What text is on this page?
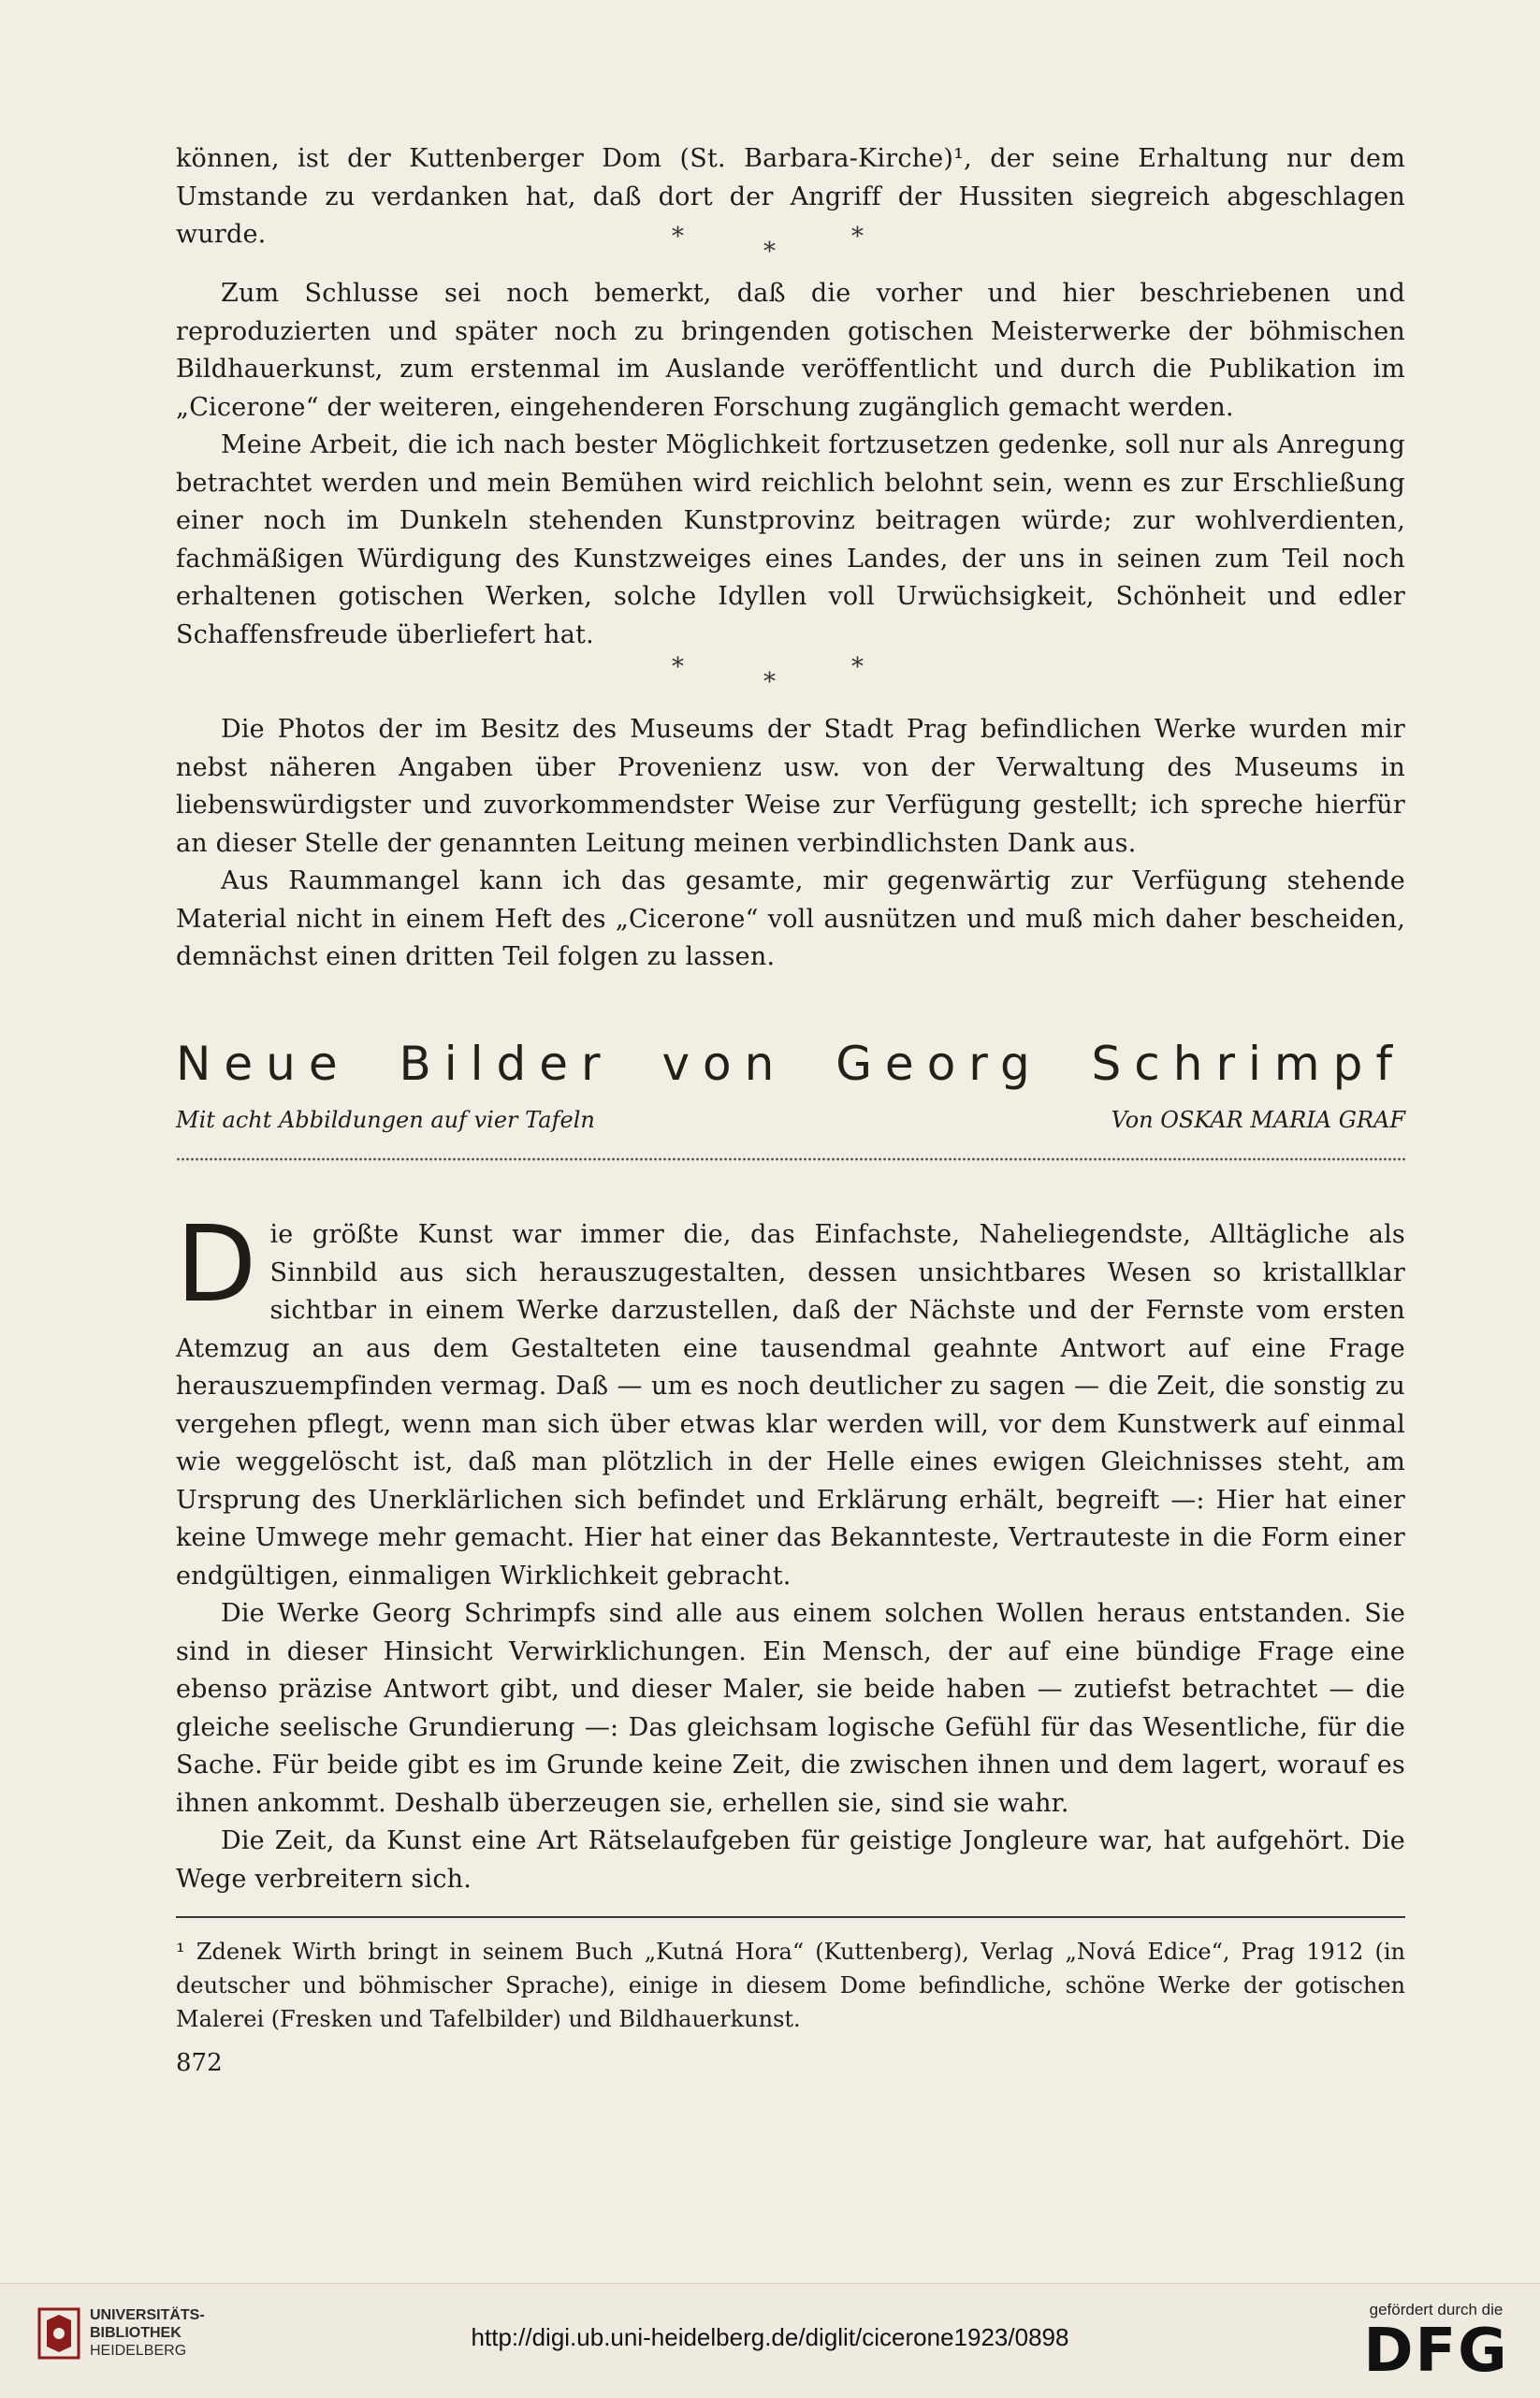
können, ist der Kuttenberger Dom (St. Barbara-Kirche)¹, der seine Erhaltung nur dem Umstande zu verdanken hat, daß dort der Angriff der Hussiten siegreich abgeschlagen wurde.	*
*
*

Zum Schlusse sei noch bemerkt, daß die vorher und hier beschriebenen und reproduzierten und später noch zu bringenden gotischen Meisterwerke der böhmischen Bildhauerkunst, zum erstenmal im Auslande veröffentlicht und durch die Publikation im „Cicerone“ der weiteren, eingehenderen Forschung zugänglich gemacht werden.

Meine Arbeit, die ich nach bester Möglichkeit fortzusetzen gedenke, soll nur als Anregung betrachtet werden und mein Bemühen wird reichlich belohnt sein, wenn es zur Erschließung einer noch im Dunkeln stehenden Kunstprovinz beitragen würde; zur wohlverdienten, fachmäßigen Würdigung des Kunstzweiges eines Landes, der uns in seinen zum Teil noch erhaltenen gotischen Werken, solche Idyllen voll Urwüchsigkeit, Schönheit und edler Schaffensfreude überliefert hat.

*
*
*

Die Photos der im Besitz des Museums der Stadt Prag befindlichen Werke wurden mir nebst näheren Angaben über Provenienz usw. von der Verwaltung des Museums in liebenswürdigster und zuvorkommendster Weise zur Verfügung gestellt; ich spreche hierfür an dieser Stelle der genannten Leitung meinen verbindlichsten Dank aus.

Aus Raummangel kann ich das gesamte, mir gegenwärtig zur Verfügung stehende Material nicht in einem Heft des „Cicerone“ voll ausnützen und muß mich daher bescheiden, demnächst einen dritten Teil folgen zu lassen.

Neue Bilder von Georg Schrimpf
Mit acht Abbildungen auf vier Tafeln	Von OSKAR MARIA GRAF

Die größte Kunst war immer die, das Einfachste, Naheliegendste, Alltägliche als Sinnbild aus sich herauszugestalten, dessen unsichtbares Wesen so kristallklar sichtbar in einem Werke darzustellen, daß der Nächste und der Fernste vom ersten Atemzug an aus dem Gestalteten eine tausendmal geahnte Antwort auf eine Frage herauszuempfinden vermag. Daß — um es noch deutlicher zu sagen — die Zeit, die sonstig zu vergehen pflegt, wenn man sich über etwas klar werden will, vor dem Kunstwerk auf einmal wie weggelöscht ist, daß man plötzlich in der Helle eines ewigen Gleichnisses steht, am Ursprung des Unerklärlichen sich befindet und Erklärung erhält, begreift —: Hier hat einer keine Umwege mehr gemacht. Hier hat einer das Bekannteste, Vertrauteste in die Form einer endgültigen, einmaligen Wirklichkeit gebracht.

Die Werke Georg Schrimpfs sind alle aus einem solchen Wollen heraus entstanden. Sie sind in dieser Hinsicht Verwirklichungen. Ein Mensch, der auf eine bündige Frage eine ebenso präzise Antwort gibt, und dieser Maler, sie beide haben — zutiefst betrachtet — die gleiche seelische Grundierung —: Das gleichsam logische Gefühl für das Wesentliche, für die Sache. Für beide gibt es im Grunde keine Zeit, die zwischen ihnen und dem lagert, worauf es ihnen ankommt. Deshalb überzeugen sie, erhellen sie, sind sie wahr.

Die Zeit, da Kunst eine Art Rätselaufgeben für geistige Jongleure war, hat aufgehört. Die Wege verbreitern sich.

¹ Zdenek Wirth bringt in seinem Buch „Kutná Hora“ (Kuttenberg), Verlag „Nová Edice“, Prag 1912 (in deutscher und böhmischer Sprache), einige in diesem Dome befindliche, schöne Werke der gotischen Malerei (Fresken und Tafelbilder) und Bildhauerkunst.
872
UNIVERSITÄTS-
BIBLIOTHEK
HEIDELBERG	http://digi.ub.uni-heidelberg.de/diglit/cicerone1923/0898
gefördert durch die
DFG
